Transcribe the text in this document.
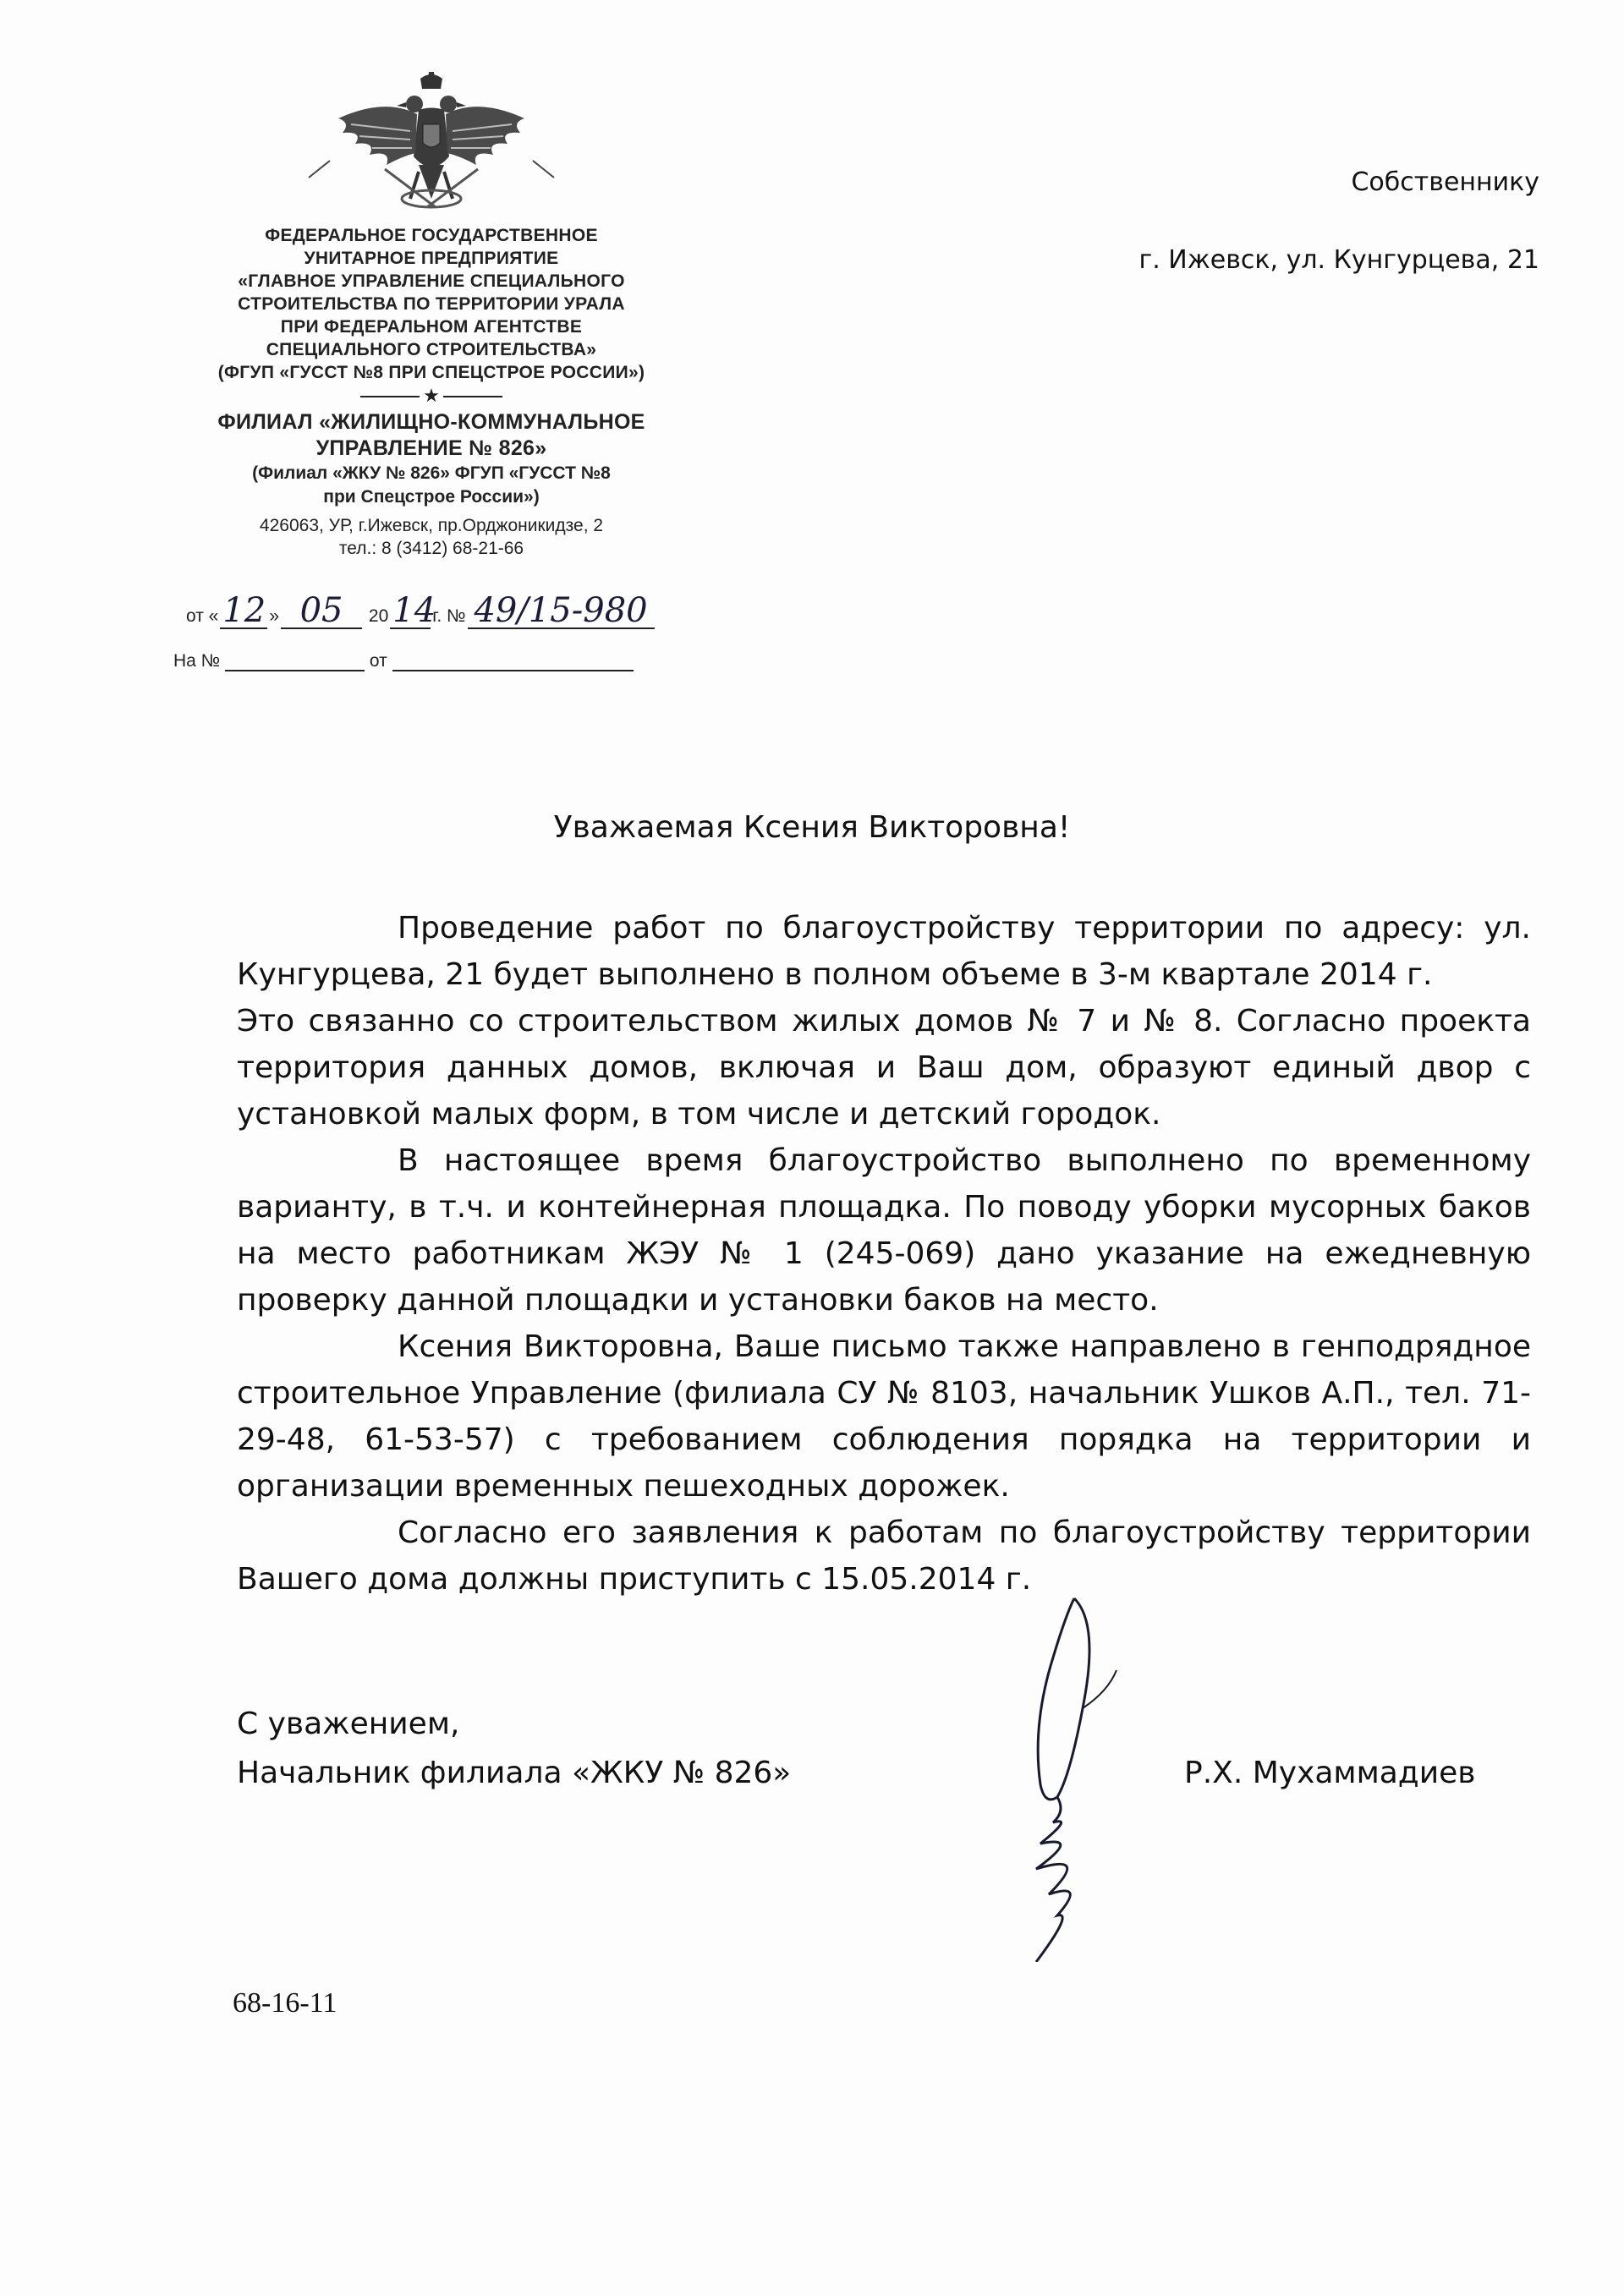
ФЕДЕРАЛЬНОЕ ГОСУДАРСТВЕННОЕ
УНИТАРНОЕ ПРЕДПРИЯТИЕ
«ГЛАВНОЕ УПРАВЛЕНИЕ СПЕЦИАЛЬНОГО
СТРОИТЕЛЬСТВА ПО ТЕРРИТОРИИ УРАЛА
ПРИ ФЕДЕРАЛЬНОМ АГЕНТСТВЕ
СПЕЦИАЛЬНОГО СТРОИТЕЛЬСТВА»
(ФГУП «ГУССТ №8 ПРИ СПЕЦСТРОЕ РОССИИ»)
★
ФИЛИАЛ «ЖИЛИЩНО-КОММУНАЛЬНОЕ
УПРАВЛЕНИЕ № 826»
(Филиал «ЖКУ № 826» ФГУП «ГУССТ №8
при Спецстрое России»)
426063, УР, г.Ижевск, пр.Орджоникидзе, 2
тел.: 8 (3412) 68-21-66
от « 12 » 05 20 14г. № 49/15-980
На №	от
Собственнику
г. Ижевск, ул. Кунгурцева, 21
Уважаемая Ксения Викторовна!

Проведение работ по благоустройству территории по адресу: ул. Кунгурцева, 21 будет выполнено в полном объеме в 3-м квартале 2014 г.

Это связанно со строительством жилых домов № 7 и № 8. Согласно проекта территория данных домов, включая и Ваш дом, образуют единый двор с установкой малых форм, в том числе и детский городок.

В настоящее время благоустройство выполнено по временному варианту, в т.ч. и контейнерная площадка. По поводу уборки мусорных баков на место работникам ЖЭУ № 1 (245-069) дано указание на ежедневную проверку данной площадки и установки баков на место.

Ксения Викторовна, Ваше письмо также направлено в генподрядное строительное Управление (филиала СУ № 8103, начальник Ушков А.П., тел. 71-29-48, 61-53-57) с требованием соблюдения порядка на территории и организации временных пешеходных дорожек.

Согласно его заявления к работам по благоустройству территории Вашего дома должны приступить с 15.05.2014 г.

С уважением,
Начальник филиала «ЖКУ № 826»	Р.Х. Мухаммадиев
68-16-11
